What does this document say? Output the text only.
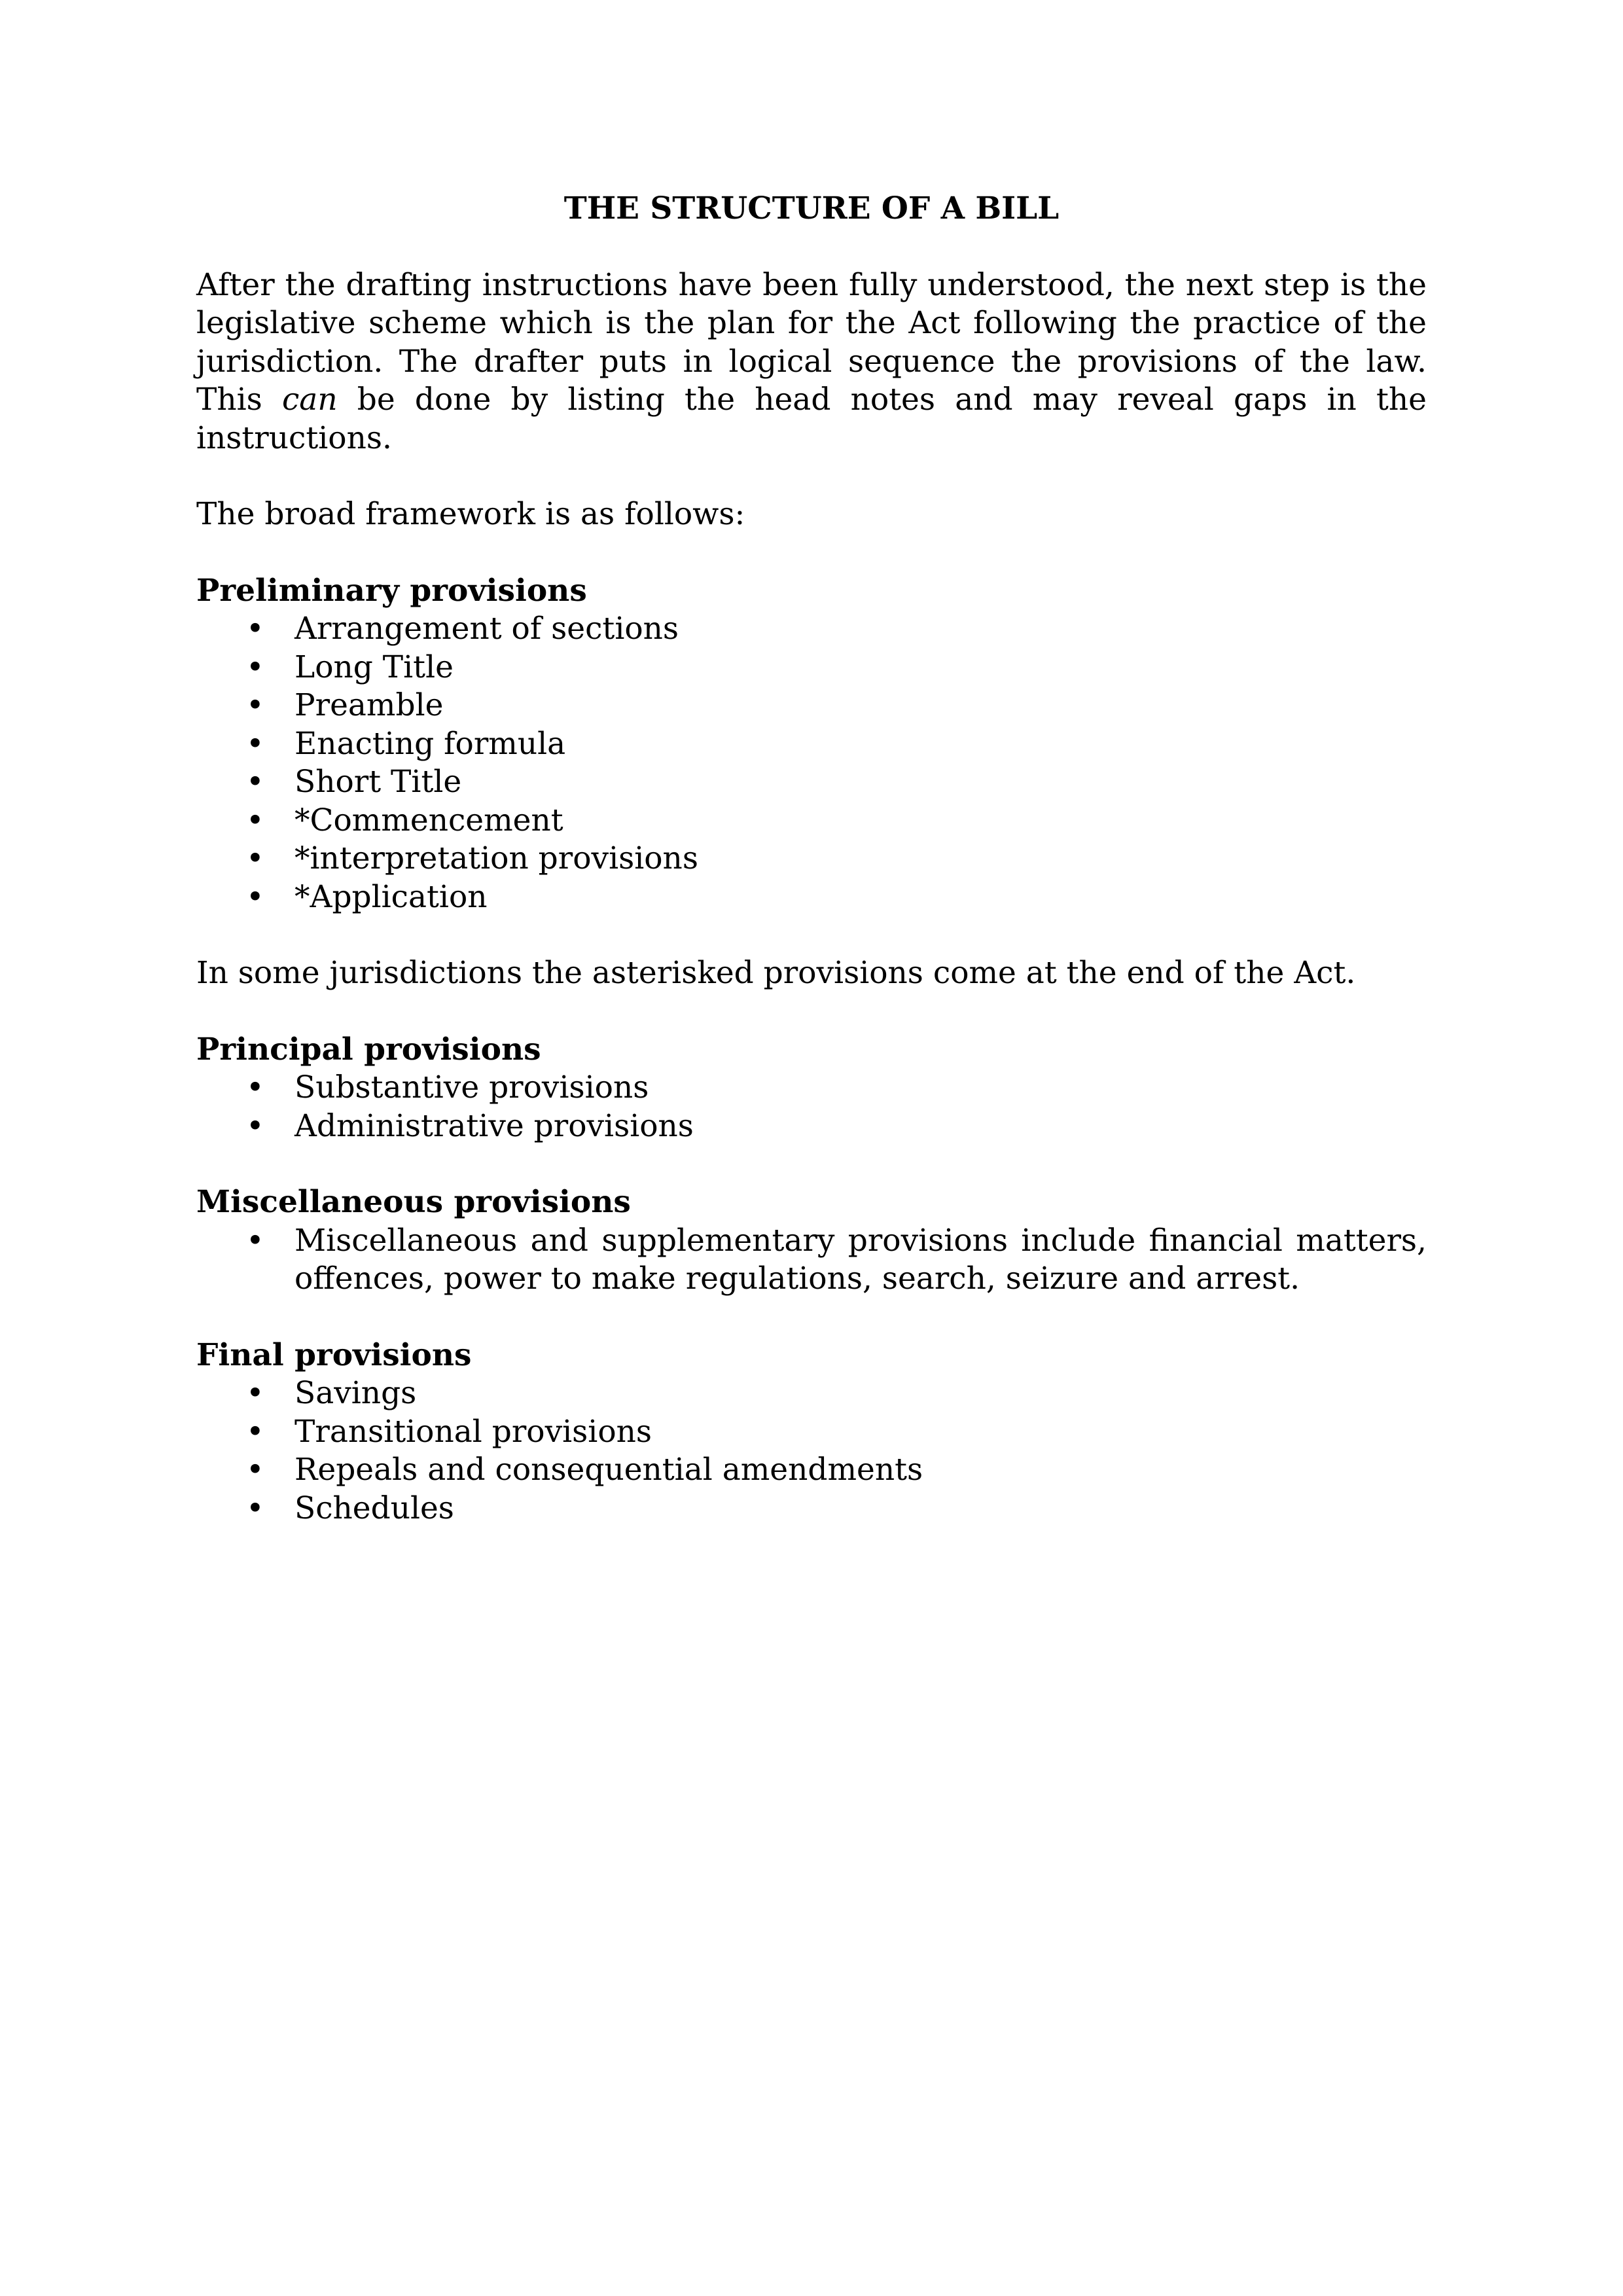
THE STRUCTURE OF A BILL

After the drafting instructions have been fully understood, the next step is the legislative scheme which is the plan for the Act following the practice of the jurisdiction. The drafter puts in logical sequence the provisions of the law. This can be done by listing the head notes and may reveal gaps in the instructions.

The broad framework is as follows:

Preliminary provisions

• Arrangement of sections
• Long Title
• Preamble
• Enacting formula
• Short Title
• *Commencement
• *interpretation provisions
• *Application

In some jurisdictions the asterisked provisions come at the end of the Act.

Principal provisions

• Substantive provisions
• Administrative provisions

Miscellaneous provisions

• Miscellaneous and supplementary provisions include financial matters, offences, power to make regulations, search, seizure and arrest.

Final provisions

• Savings
• Transitional provisions
• Repeals and consequential amendments
• Schedules
